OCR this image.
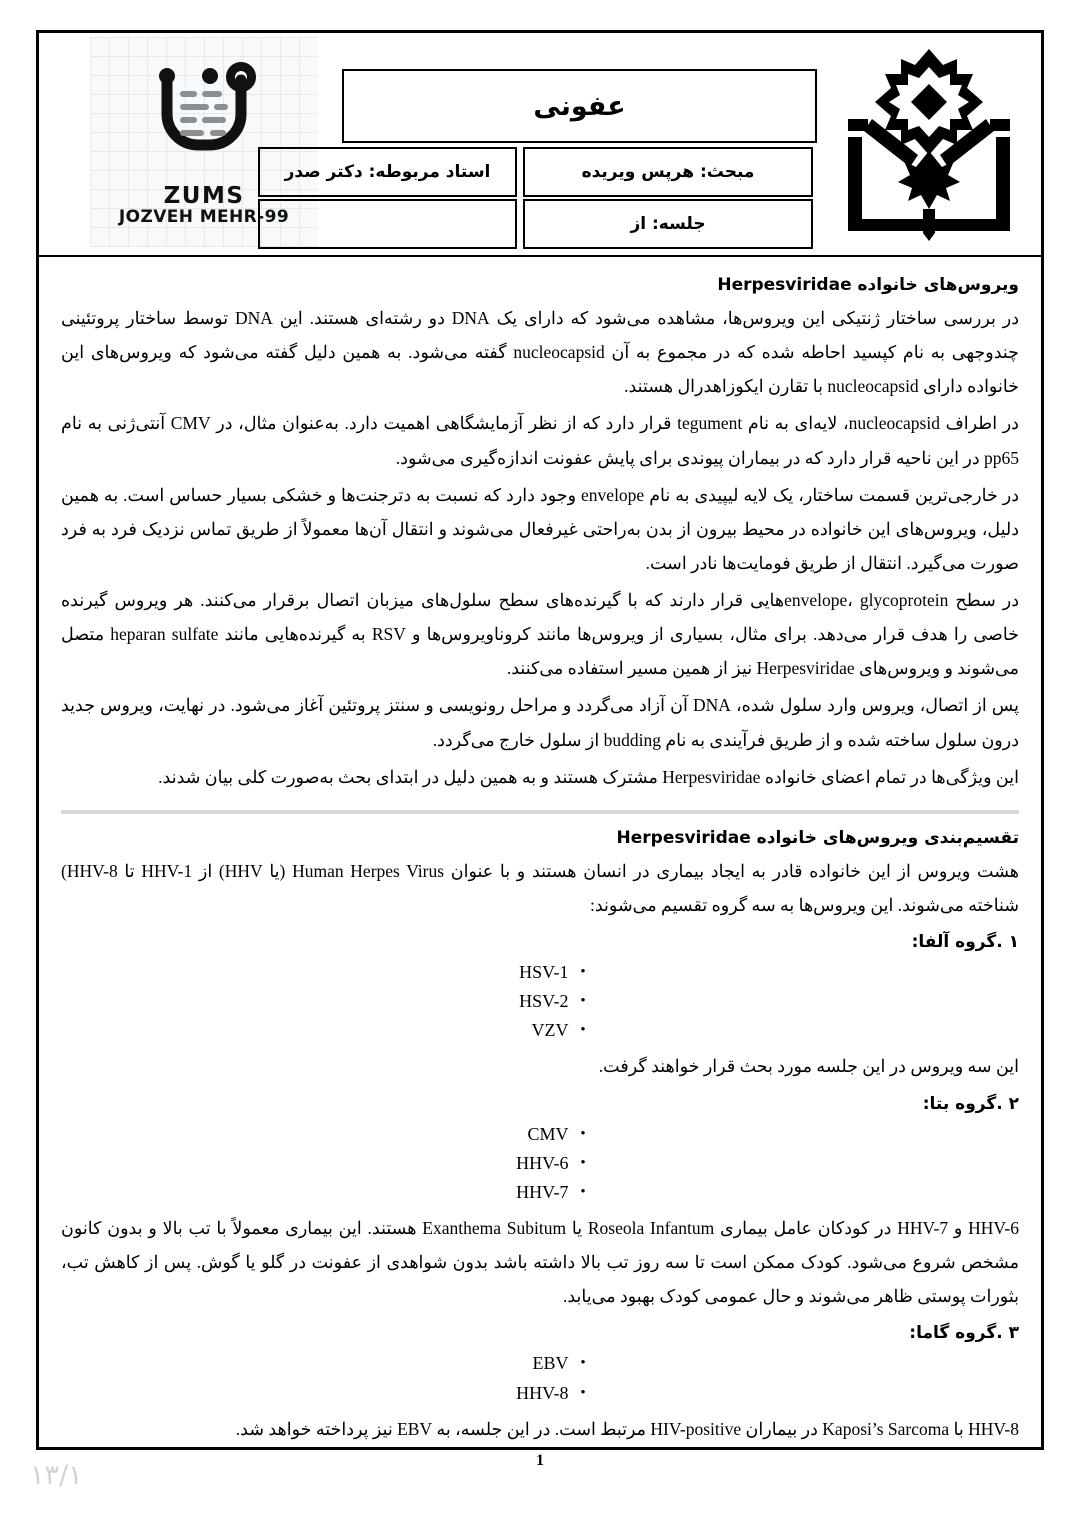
ZUMS
JOZVEH MEHR-99
عفونی
مبحث: هرپس ویریده
جلسه: از
استاد مربوطه: دکتر صدر
ویروس‌های خانواده Herpesviridae

در بررسی ساختار ژنتیکی این ویروس‌ها، مشاهده می‌شود که دارای یک DNA دو رشته‌ای هستند. این DNA توسط ساختار پروتئینی چندوجهی به نام کپسید احاطه شده که در مجموع به آن nucleocapsid گفته می‌شود. به همین دلیل گفته می‌شود که ویروس‌های این خانواده دارای nucleocapsid با تقارن ایکوزاهدرال هستند.

در اطراف nucleocapsid، لایه‌ای به نام tegument قرار دارد که از نظر آزمایشگاهی اهمیت دارد. به‌عنوان مثال، در CMV آنتی‌ژنی به نام pp65 در این ناحیه قرار دارد که در بیماران پیوندی برای پایش عفونت اندازه‌گیری می‌شود.

در خارجی‌ترین قسمت ساختار، یک لایه لیپیدی به نام envelope وجود دارد که نسبت به دترجنت‌ها و خشکی بسیار حساس است. به همین دلیل، ویروس‌های این خانواده در محیط بیرون از بدن به‌راحتی غیرفعال می‌شوند و انتقال آن‌ها معمولاً از طریق تماس نزدیک فرد به فرد صورت می‌گیرد. انتقال از طریق فومایت‌ها نادر است.

در سطح envelope، glycoprotein‌هایی قرار دارند که با گیرنده‌های سطح سلول‌های میزبان اتصال برقرار می‌کنند. هر ویروس گیرنده خاصی را هدف قرار می‌دهد. برای مثال، بسیاری از ویروس‌ها مانند کروناویروس‌ها و RSV به گیرنده‌هایی مانند heparan sulfate متصل می‌شوند و ویروس‌های Herpesviridae نیز از همین مسیر استفاده می‌کنند.

پس از اتصال، ویروس وارد سلول شده، DNA آن آزاد می‌گردد و مراحل رونویسی و سنتز پروتئین آغاز می‌شود. در نهایت، ویروس جدید درون سلول ساخته شده و از طریق فرآیندی به نام budding از سلول خارج می‌گردد.

این ویژگی‌ها در تمام اعضای خانواده Herpesviridae مشترک هستند و به همین دلیل در ابتدای بحث به‌صورت کلی بیان شدند.

تقسیم‌بندی ویروس‌های خانواده Herpesviridae

هشت ویروس از این خانواده قادر به ایجاد بیماری در انسان هستند و با عنوان Human Herpes Virus (یا HHV) از HHV-1 تا HHV-8) شناخته می‌شوند. این ویروس‌ها به سه گروه تقسیم می‌شوند:

۱ .گروه آلفا:
•HSV-1
•HSV-2
•VZV

این سه ویروس در این جلسه مورد بحث قرار خواهند گرفت.

۲ .گروه بتا:
•CMV
•HHV-6
•HHV-7

HHV-6 و HHV-7 در کودکان عامل بیماری Roseola Infantum یا Exanthema Subitum هستند. این بیماری معمولاً با تب بالا و بدون کانون مشخص شروع می‌شود. کودک ممکن است تا سه روز تب بالا داشته باشد بدون شواهدی از عفونت در گلو یا گوش. پس از کاهش تب، بثورات پوستی ظاهر می‌شوند و حال عمومی کودک بهبود می‌یابد.

۳ .گروه گاما:
•EBV
•HHV-8

HHV-8 با Kaposi’s Sarcoma در بیماران HIV-positive مرتبط است. در این جلسه، به EBV نیز پرداخته خواهد شد.

1
۱۳/۱
